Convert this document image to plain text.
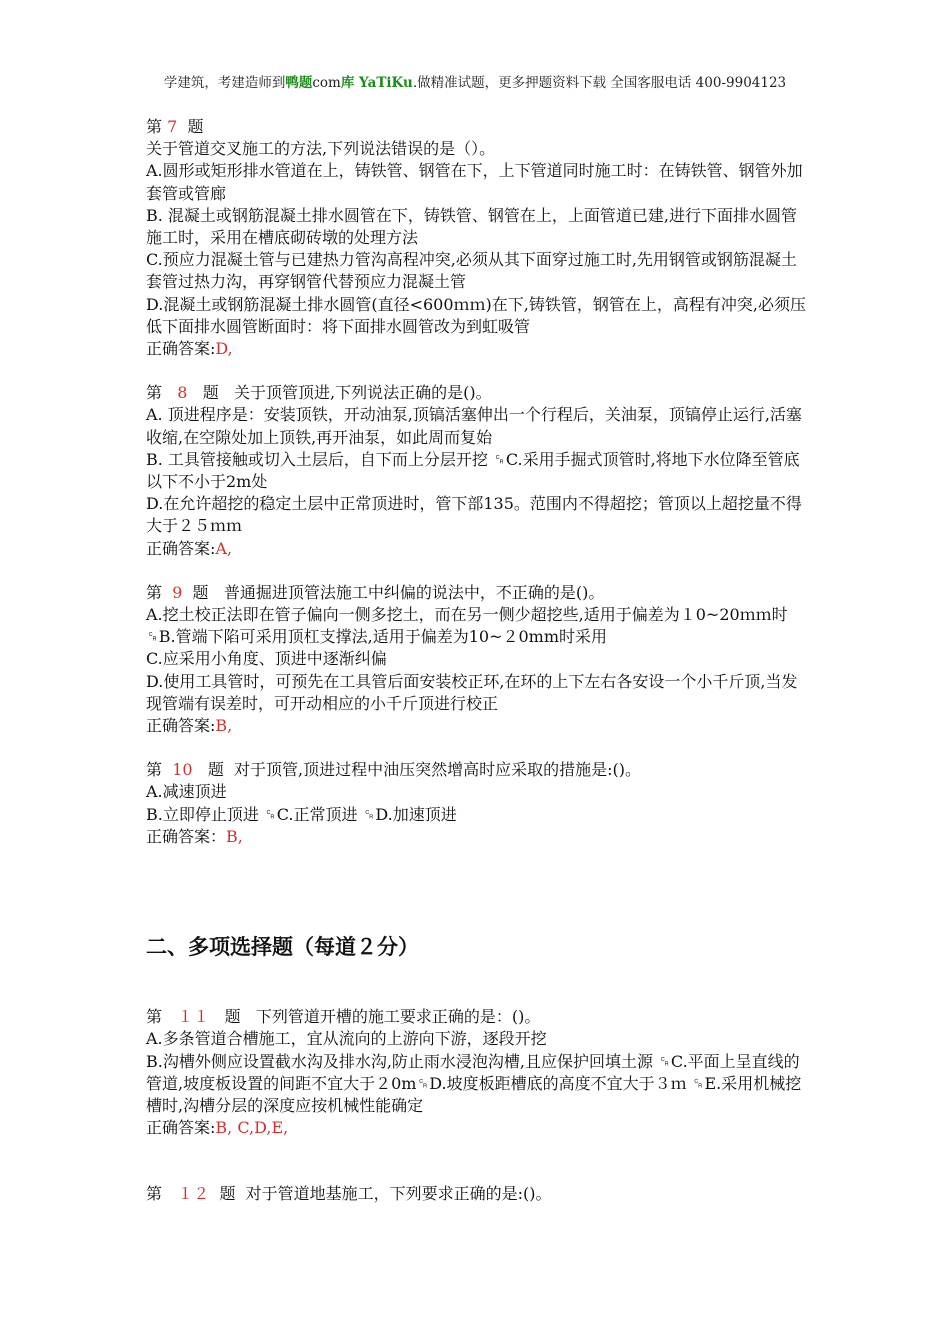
学建筑，考建造师到鸭题com库 YaTiKu.做精准试题，更多押题资料下载 全国客服电话 400-9904123

第 7 题

关于管道交叉施工的方法,下列说法错误的是（）。

A.圆形或矩形排水管道在上，铸铁管、钢管在下，上下管道同时施工时：在铸铁管、钢管外加套管或管廊

B. 混凝土或钢筋混凝土排水圆管在下，铸铁管、钢管在上，上面管道已建,进行下面排水圆管施工时，采用在槽底砌砖墩的处理方法

C.预应力混凝土管与已建热力管沟高程冲突,必须从其下面穿过施工时,先用钢管或钢筋混凝土套管过热力沟，再穿钢管代替预应力混凝土管

D.混凝土或钢筋混凝土排水圆管(直径<600ｍｍ)在下,铸铁管，钢管在上，高程有冲突,必须压低下面排水圆管断面时：将下面排水圆管改为到虹吸管

正确答案:D,

第 8 题 关于顶管顶进,下列说法正确的是()。

A. 顶进程序是：安装顶铁，开动油泵,顶镐活塞伸出一个行程后，关油泵，顶镐停止运行,活塞收缩,在空隙处加上顶铁,再开油泵，如此周而复始

B. 工具管接触或切入土层后，自下而上分层开挖 ␍C.采用手掘式顶管时,将地下水位降至管底以下不小于2m处

D.在允许超挖的稳定土层中正常顶进时，管下部135。范围内不得超挖；管顶以上超挖量不得大于２５ｍｍ

正确答案:A,

第 9 题 普通掘进顶管法施工中纠偏的说法中，不正确的是()。

A.挖土校正法即在管子偏向一侧多挖土，而在另一侧少超挖些,适用于偏差为１0~20ｍｍ时 ␍B.管端下陷可采用顶杠支撑法,适用于偏差为10~２0mm时采用

C.应采用小角度、顶进中逐渐纠偏

D.使用工具管时，可预先在工具管后面安装校正环,在环的上下左右各安设一个小千斤顶,当发现管端有误差时，可开动相应的小千斤顶进行校正

正确答案:B,

第 10 题 对于顶管,顶进过程中油压突然增高时应采取的措施是:()。

A.减速顶进

B.立即停止顶进 ␍C.正常顶进 ␍D.加速顶进

正确答案：B,

二、多项选择题（每道２分）

第 １１ 题 下列管道开槽的施工要求正确的是：()。

A.多条管道合槽施工，宜从流向的上游向下游，逐段开挖

B.沟槽外侧应设置截水沟及排水沟,防止雨水浸泡沟槽,且应保护回填土源 ␍C.平面上呈直线的管道,坡度板设置的间距不宜大于２0m␍D.坡度板距槽底的高度不宜大于３ｍ ␍E.采用机械挖槽时,沟槽分层的深度应按机械性能确定

正确答案:B, C,D,E,

第 １２ 题 对于管道地基施工，下列要求正确的是:()。
